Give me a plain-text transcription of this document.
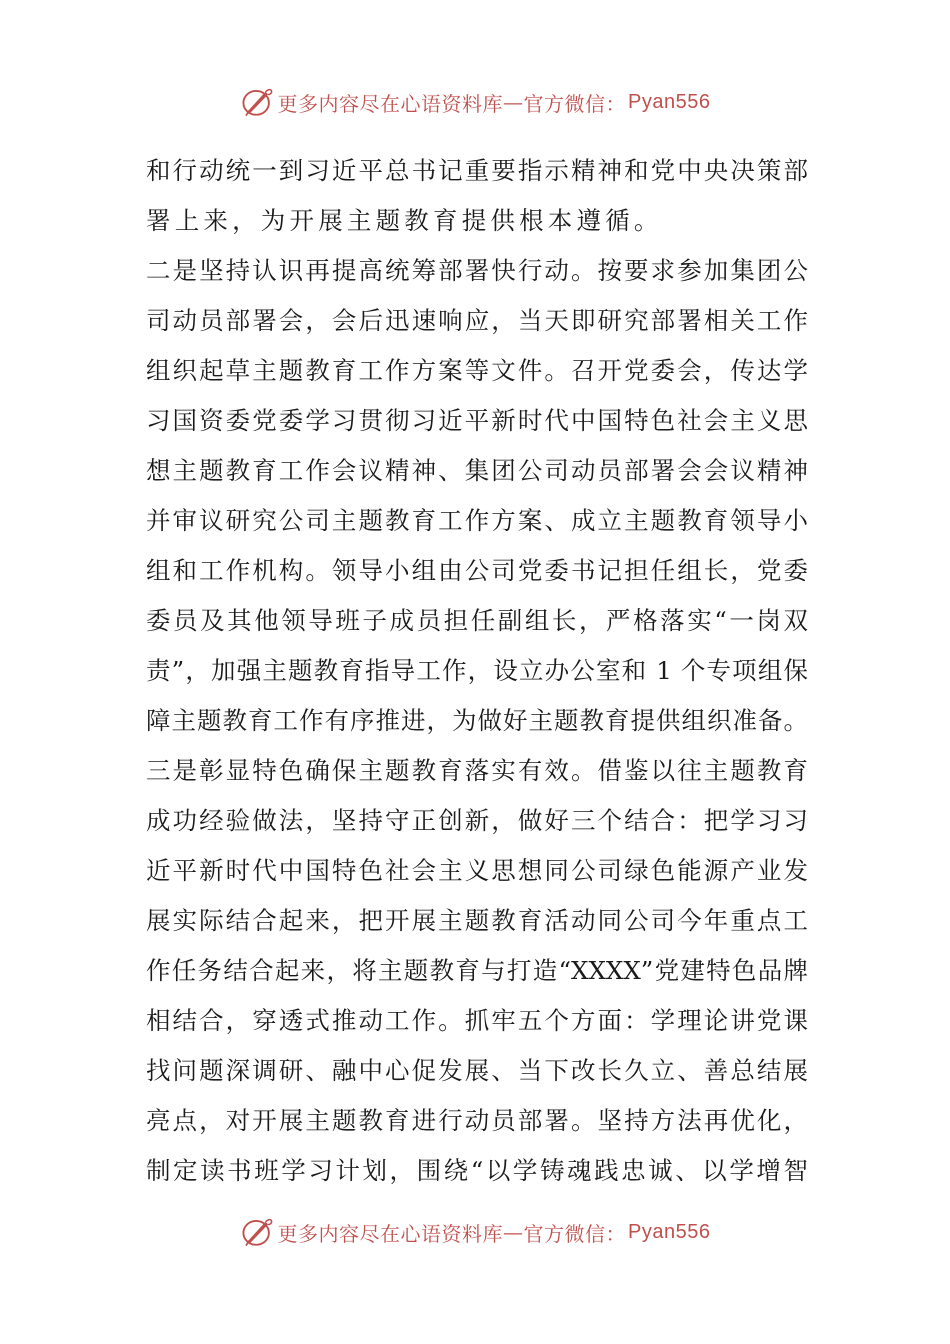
更多内容尽在心语资料库 — 官方微信： Pyan556
和行动统一到习近平总书记重要指示精神和党中央决策部
署上来，为开展主题教育提供根本遵循。
二是坚持认识再提高统筹部署快行动。按要求参加集团公
司动员部署会，会后迅速响应，当天即研究部署相关工作
组织起草主题教育工作方案等文件。召开党委会，传达学
习国资委党委学习贯彻习近平新时代中国特色社会主义思
想主题教育工作会议精神、集团公司动员部署会会议精神
并审议研究公司主题教育工作方案、成立主题教育领导小
组和工作机构。领导小组由公司党委书记担任组长，党委
委员及其他领导班子成员担任副组长，严格落实“一岗双
责”，加强主题教育指导工作，设立办公室和 1 个专项组保
障主题教育工作有序推进，为做好主题教育提供组织准备。
三是彰显特色确保主题教育落实有效。借鉴以往主题教育
成功经验做法，坚持守正创新，做好三个结合：把学习习
近平新时代中国特色社会主义思想同公司绿色能源产业发
展实际结合起来，把开展主题教育活动同公司今年重点工
作任务结合起来，将主题教育与打造“XXXX”党建特色品牌
相结合，穿透式推动工作。抓牢五个方面：学理论讲党课
找问题深调研、融中心促发展、当下改长久立、善总结展
亮点，对开展主题教育进行动员部署。坚持方法再优化，
制定读书班学习计划，围绕“以学铸魂践忠诚、以学增智
更多内容尽在心语资料库 — 官方微信： Pyan556
